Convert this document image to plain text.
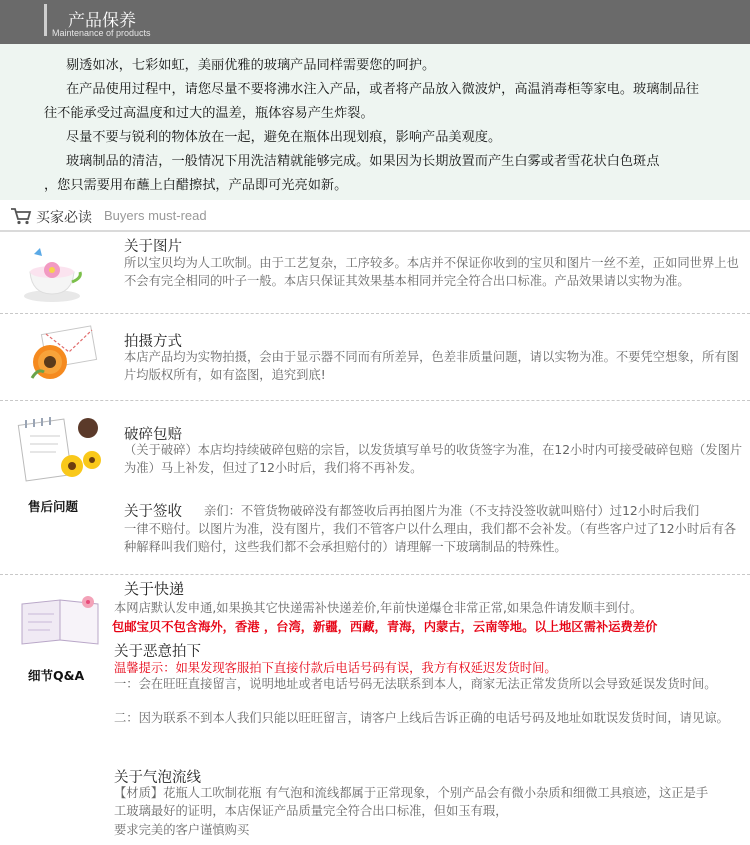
产品保养
Maintenance of products

剔透如冰，七彩如虹，美丽优雅的玻璃产品同样需要您的呵护。

在产品使用过程中，请您尽量不要将沸水注入产品，或者将产品放入微波炉，高温消毒柜等家电。玻璃制品往往不能承受过高温度和过大的温差，瓶体容易产生炸裂。

尽量不要与锐利的物体放在一起，避免在瓶体出现划痕，影响产品美观度。

玻璃制品的清洁，一般情况下用洗洁精就能够完成。如果因为长期放置而产生白雾或者雪花状白色斑点

，您只需要用布蘸上白醋擦拭，产品即可光亮如新。

买家必读 Buyers must-read
关于图片
所以宝贝均为人工吹制。由于工艺复杂，工序较多。本店并不保证你收到的宝贝和图片一丝不差，正如同世界上也不会有完全相同的叶子一般。本店只保证其效果基本相同并完全符合出口标准。产品效果请以实物为准。
拍摄方式
本店产品均为实物拍摄，会由于显示器不同而有所差异，色差非质量问题，请以实物为准。不要凭空想象，所有图片均版权所有，如有盗图，追究到底!
售后问题
破碎包赔
（关于破碎）本店均持续破碎包赔的宗旨，以发货填写单号的收货签字为准，在12小时内可接受破碎包赔（发图片为准）马上补发，但过了12小时后，我们将不再补发。
关于签收 亲们：不管货物破碎没有都签收后再拍图片为准（不支持没签收就叫赔付）过12小时后我们
一律不赔付。以图片为准，没有图片，我们不管客户以什么理由，我们都不会补发。（有些客户过了12小时后有各种解释叫我们赔付，这些我们都不会承担赔付的）请理解一下玻璃制品的特殊性。
细节Q&A
关于快递
本网店默认发申通,如果换其它快递需补快递差价,年前快递爆仓非常正常,如果急件请发顺丰到付。
包邮宝贝不包含海外，香港 ，台湾，新疆，西藏，青海，内蒙古，云南等地。以上地区需补运费差价
关于恶意拍下
温馨提示：如果发现客服拍下直接付款后电话号码有误，我方有权延迟发货时间。
一：会在旺旺直接留言，说明地址或者电话号码无法联系到本人，商家无法正常发货所以会导致延误发货时间。
二：因为联系不到本人我们只能以旺旺留言，请客户上线后告诉正确的电话号码及地址如耽误发货时间，请见谅。
关于气泡流线
【材质】花瓶人工吹制花瓶 有气泡和流线都属于正常现象，个别产品会有微小杂质和细微工具痕迹，这正是手工玻璃最好的证明，本店保证产品质量完全符合出口标准，但如玉有瑕，
要求完美的客户谨慎购买
